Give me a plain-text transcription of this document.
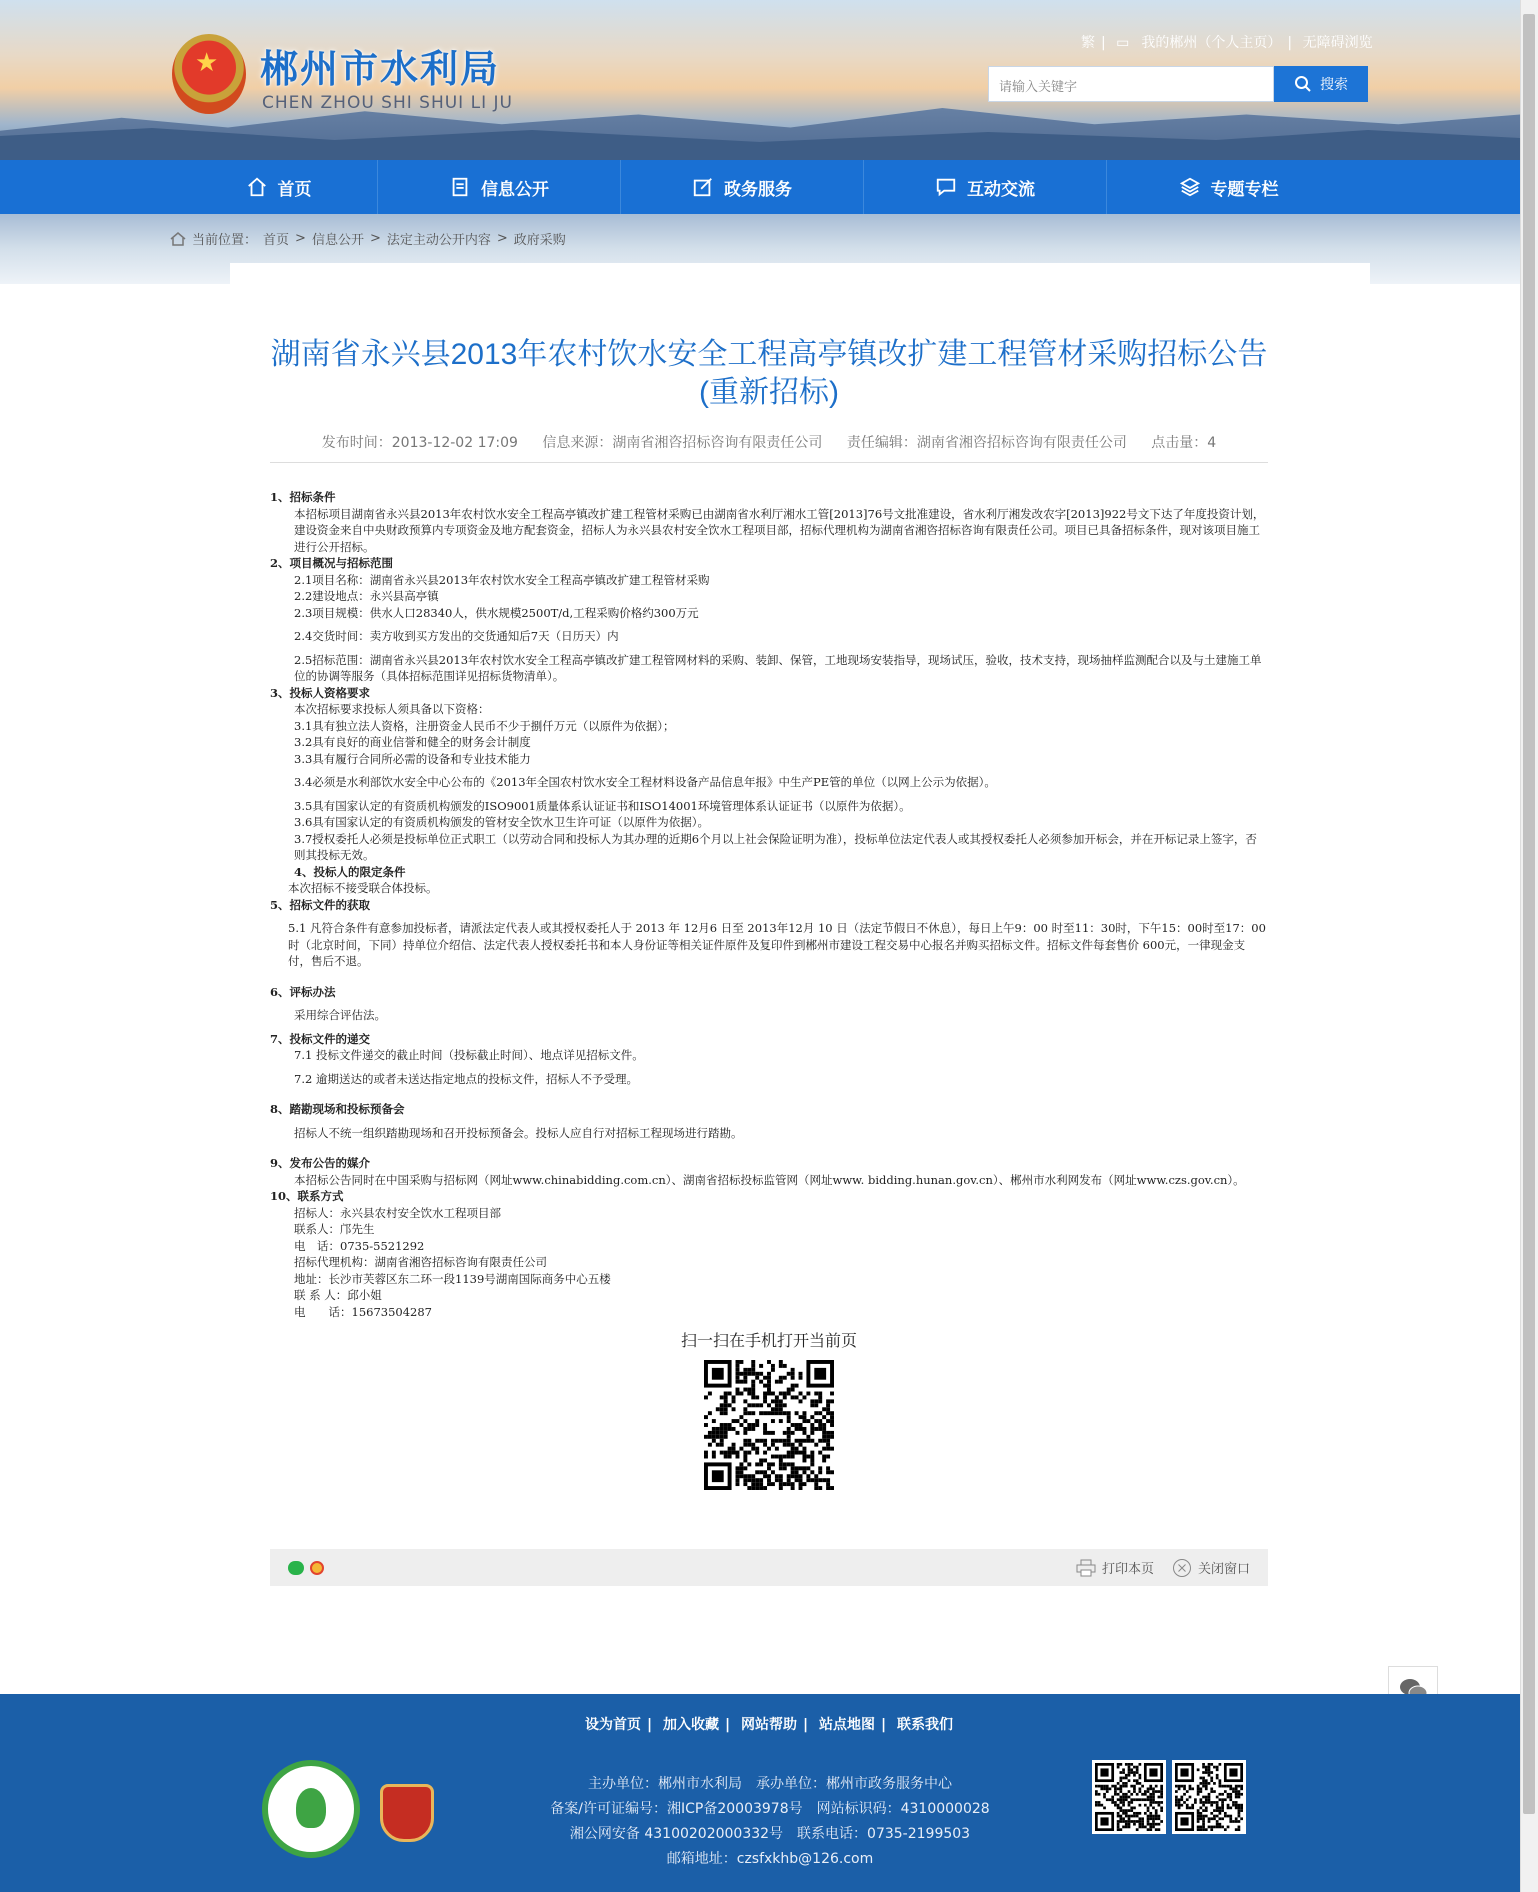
★
郴州市水利局
CHEN ZHOU SHI SHUI LI JU
繁 | ▭ 我的郴州（个人主页） | 无障碍浏览
请输入关键字	搜索
首页	信息公开	政务服务	互动交流	专题专栏
当前位置： 首页 > 信息公开 > 法定主动公开内容 > 政府采购
湖南省永兴县2013年农村饮水安全工程高亭镇改扩建工程管材采购招标公告(重新招标)
发布时间：2013-12-02 17:09 信息来源：湖南省湘咨招标咨询有限责任公司 责任编辑：湖南省湘咨招标咨询有限责任公司 点击量：4

1、招标条件

本招标项目湖南省永兴县2013年农村饮水安全工程高亭镇改扩建工程管材采购已由湖南省水利厅湘水工管[2013]76号文批准建设，省水利厅湘发改农字[2013]922号文下达了年度投资计划，建设资金来自中央财政预算内专项资金及地方配套资金，招标人为永兴县农村安全饮水工程项目部，招标代理机构为湖南省湘咨招标咨询有限责任公司。项目已具备招标条件，现对该项目施工进行公开招标。

2、项目概况与招标范围

2.1项目名称：湖南省永兴县2013年农村饮水安全工程高亭镇改扩建工程管材采购

2.2建设地点：永兴县高亭镇

2.3项目规模：供水人口28340人，供水规模2500T/d,工程采购价格约300万元

2.4交货时间：卖方收到买方发出的交货通知后7天（日历天）内

2.5招标范围：湖南省永兴县2013年农村饮水安全工程高亭镇改扩建工程管网材料的采购、装卸、保管，工地现场安装指导，现场试压，验收，技术支持，现场抽样监测配合以及与土建施工单位的协调等服务（具体招标范围详见招标货物清单）。

3、投标人资格要求

本次招标要求投标人须具备以下资格：

3.1具有独立法人资格，注册资金人民币不少于捌仟万元（以原件为依据）；

3.2具有良好的商业信誉和健全的财务会计制度

3.3具有履行合同所必需的设备和专业技术能力

3.4必须是水利部饮水安全中心公布的《2013年全国农村饮水安全工程材料设备产品信息年报》中生产PE管的单位（以网上公示为依据）。

3.5具有国家认定的有资质机构颁发的ISO9001质量体系认证证书和ISO14001环境管理体系认证证书（以原件为依据）。

3.6具有国家认定的有资质机构颁发的管材安全饮水卫生许可证（以原件为依据）。

3.7授权委托人必须是投标单位正式职工（以劳动合同和投标人为其办理的近期6个月以上社会保险证明为准），投标单位法定代表人或其授权委托人必须参加开标会，并在开标记录上签字，否则其投标无效。

4、投标人的限定条件

本次招标不接受联合体投标。

5、招标文件的获取

5.1 凡符合条件有意参加投标者，请派法定代表人或其授权委托人于 2013 年 12月6 日至 2013年12月 10 日（法定节假日不休息），每日上午9：00 时至11：30时，下午15：00时至17：00时（北京时间，下同）持单位介绍信、法定代表人授权委托书和本人身份证等相关证件原件及复印件到郴州市建设工程交易中心报名并购买招标文件。招标文件每套售价 600元，一律现金支付，售后不退。

6、评标办法

采用综合评估法。

7、投标文件的递交

7.1 投标文件递交的截止时间（投标截止时间）、地点详见招标文件。

7.2 逾期送达的或者未送达指定地点的投标文件，招标人不予受理。

8、踏勘现场和投标预备会

招标人不统一组织踏勘现场和召开投标预备会。投标人应自行对招标工程现场进行踏勘。

9、发布公告的媒介

本招标公告同时在中国采购与招标网（网址www.chinabidding.com.cn）、湖南省招标投标监管网（网址www. bidding.hunan.gov.cn）、郴州市水利网发布（网址www.czs.gov.cn）。

10、联系方式

招标人：永兴县农村安全饮水工程项目部

联系人：邝先生

电　话：0735-5521292

招标代理机构：湖南省湘咨招标咨询有限责任公司

地址：长沙市芙蓉区东二环一段1139号湖南国际商务中心五楼

联 系 人：邱小姐

电　　话：15673504287

扫一扫在手机打开当前页
打印本页	关闭窗口
设为首页 | 加入收藏 | 网站帮助 | 站点地图 | 联系我们
主办单位：郴州市水利局　承办单位：郴州市政务服务中心
备案/许可证编号：湘ICP备20003978号　网站标识码：4310000028
湘公网安备 43100202000332号　联系电话：0735-2199503
邮箱地址：czsfxkhb@126.com
